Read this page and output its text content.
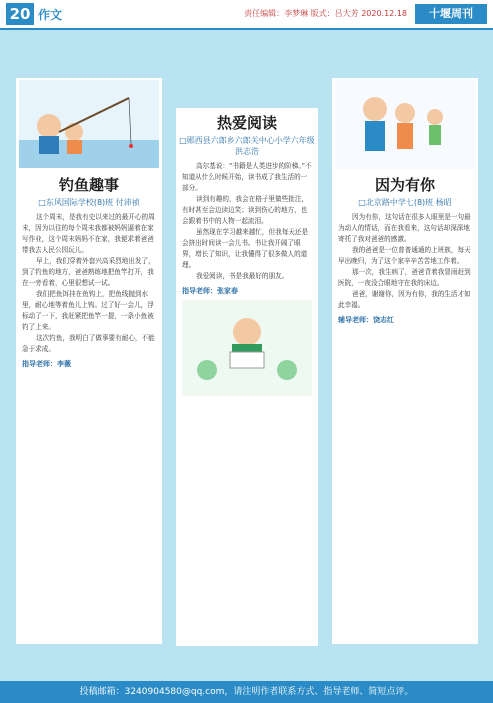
20 作文	责任编辑：李梦琳 版式：吕大芳 2020.12.18	十堰周刊
钓鱼趣事
□东风国际学校(8)班 付沛祯

这个周末，是我有史以来过的最开心的周末，因为以往的每个周末我都被妈妈逼着在家写作业，这个周末妈妈不在家，我便求着爸爸带我去人民公园玩儿。

早上，我们穿着外套兴高采烈地出发了，到了钓鱼的地方，爸爸熟练地把鱼竿打开，我在一旁看着，心里很想试一试。

我们把鱼饵挂在鱼钩上，把鱼线抛到水里，耐心地等着鱼儿上钩。过了好一会儿，浮标动了一下，我赶紧把鱼竿一提，一条小鱼被钓了上来。

这次钓鱼，我明白了做事要有耐心，不能急于求成。

指导老师：李薇
热爱阅读
□郧西县六郎乡六郎关中心小学六年级 洪志浩

高尔基说：“书籍是人类进步的阶梯。”不知道从什么时候开始，读书成了我生活的一部分。

读到有趣的，我会在格子里做些批注，有时甚至会边读边笑；读到伤心的地方，也会跟着书中的人物一起流泪。

虽然现在学习越来越忙，但我每天还是会挤出时间读一会儿书。书让我开阔了眼界，增长了知识，让我懂得了很多做人的道理。

我爱阅读，书是我最好的朋友。

指导老师：张家春
因为有你
□北京路中学七(8)班 杨昭

因为有你，这句话在很多人眼里是一句最为动人的情话，而在我看来，这句话却深深地寄托了我对爸爸的感激。

我的爸爸是一位普普通通的上班族，每天早出晚归，为了这个家辛辛苦苦地工作着。

那一次，我生病了，爸爸背着我冒雨赶到医院，一夜没合眼地守在我的床边。

爸爸，谢谢你，因为有你，我的生活才如此幸福。

辅导老师：饶志红
投稿邮箱：3240904580@qq.com，请注明作者联系方式、指导老师、简短点评。
